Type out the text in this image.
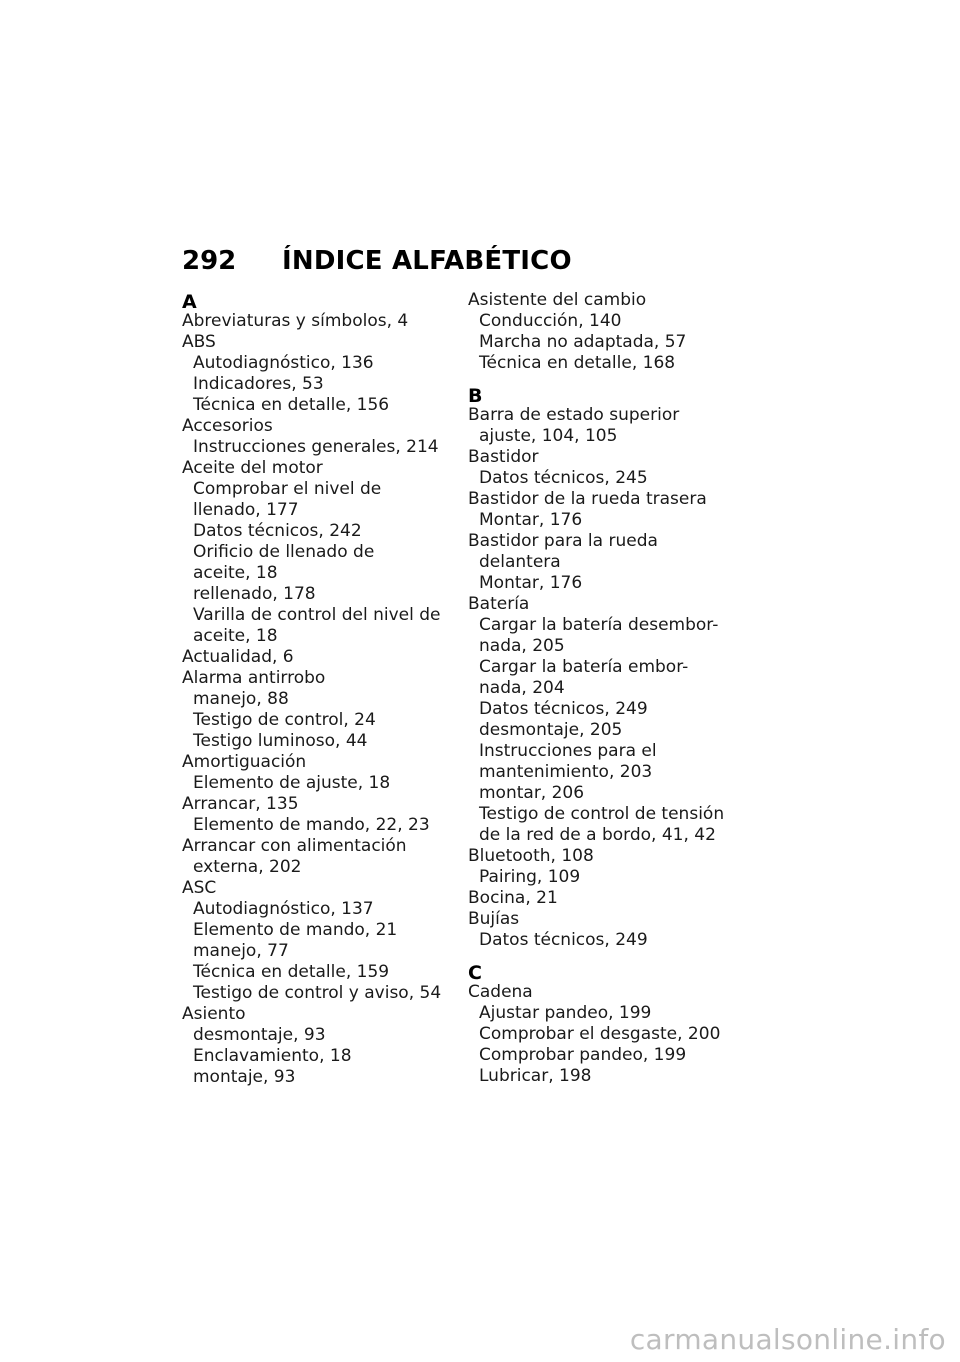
292	ÍNDICE ALFABÉTICO
A
Abreviaturas y símbolos, 4
ABS
Autodiagnóstico, 136
Indicadores, 53
Técnica en detalle, 156
Accesorios
Instrucciones generales, 214
Aceite del motor
Comprobar el nivel de
llenado, 177
Datos técnicos, 242
Orificio de llenado de
aceite, 18
rellenado, 178
Varilla de control del nivel de
aceite, 18
Actualidad, 6
Alarma antirrobo
manejo, 88
Testigo de control, 24
Testigo luminoso, 44
Amortiguación
Elemento de ajuste, 18
Arrancar, 135
Elemento de mando, 22, 23
Arrancar con alimentación
externa, 202
ASC
Autodiagnóstico, 137
Elemento de mando, 21
manejo, 77
Técnica en detalle, 159
Testigo de control y aviso, 54
Asiento
desmontaje, 93
Enclavamiento, 18
montaje, 93
Asistente del cambio
Conducción, 140
Marcha no adaptada, 57
Técnica en detalle, 168
B
Barra de estado superior
ajuste, 104, 105
Bastidor
Datos técnicos, 245
Bastidor de la rueda trasera
Montar, 176
Bastidor para la rueda
delantera
Montar, 176
Batería
Cargar la batería desembor-
nada, 205
Cargar la batería embor-
nada, 204
Datos técnicos, 249
desmontaje, 205
Instrucciones para el
mantenimiento, 203
montar, 206
Testigo de control de tensión
de la red de a bordo, 41, 42
Bluetooth, 108
Pairing, 109
Bocina, 21
Bujías
Datos técnicos, 249
C
Cadena
Ajustar pandeo, 199
Comprobar el desgaste, 200
Comprobar pandeo, 199
Lubricar, 198
carmanualsonline.info
